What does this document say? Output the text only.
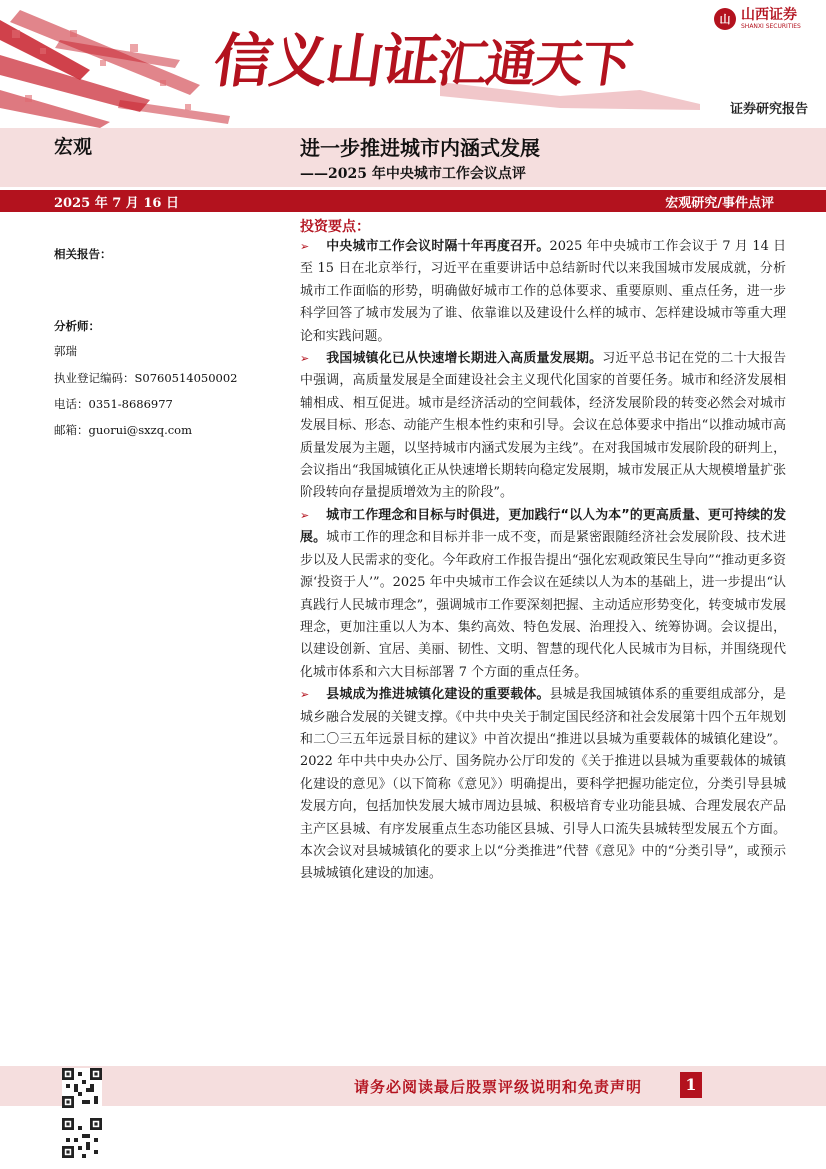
信义山证汇通天下
山 山西证券
SHANXI SECURITIES
证券研究报告
宏观	进一步推进城市内涵式发展
——2025 年中央城市工作会议点评
2025 年 7 月 16 日	宏观研究/事件点评
相关报告：
分析师：
郭瑞
执业登记编码：S0760514050002
电话：0351-8686977
邮箱：guorui@sxzq.com
投资要点：

➢ 中央城市工作会议时隔十年再度召开。2025 年中央城市工作会议于 7 月 14 日至 15 日在北京举行，习近平在重要讲话中总结新时代以来我国城市发展成就，分析城市工作面临的形势，明确做好城市工作的总体要求、重要原则、重点任务，进一步科学回答了城市发展为了谁、依靠谁以及建设什么样的城市、怎样建设城市等重大理论和实践问题。

➢ 我国城镇化已从快速增长期进入高质量发展期。习近平总书记在党的二十大报告中强调，高质量发展是全面建设社会主义现代化国家的首要任务。城市和经济发展相辅相成、相互促进。城市是经济活动的空间载体，经济发展阶段的转变必然会对城市发展目标、形态、动能产生根本性约束和引导。会议在总体要求中指出“以推动城市高质量发展为主题，以坚持城市内涵式发展为主线”。在对我国城市发展阶段的研判上，会议指出“我国城镇化正从快速增长期转向稳定发展期，城市发展正从大规模增量扩张阶段转向存量提质增效为主的阶段”。

➢ 城市工作理念和目标与时俱进，更加践行“以人为本”的更高质量、更可持续的发展。城市工作的理念和目标并非一成不变，而是紧密跟随经济社会发展阶段、技术进步以及人民需求的变化。今年政府工作报告提出“强化宏观政策民生导向”“推动更多资源‘投资于人’”。2025 年中央城市工作会议在延续以人为本的基础上，进一步提出“认真践行人民城市理念”，强调城市工作要深刻把握、主动适应形势变化，转变城市发展理念，更加注重以人为本、集约高效、特色发展、治理投入、统筹协调。会议提出，以建设创新、宜居、美丽、韧性、文明、智慧的现代化人民城市为目标，并围绕现代化城市体系和六大目标部署 7 个方面的重点任务。

➢ 县城成为推进城镇化建设的重要载体。县城是我国城镇体系的重要组成部分，是城乡融合发展的关键支撑。《中共中央关于制定国民经济和社会发展第十四个五年规划和二〇三五年远景目标的建议》中首次提出“推进以县城为重要载体的城镇化建设”。2022 年中共中央办公厅、国务院办公厅印发的《关于推进以县城为重要载体的城镇化建设的意见》（以下简称《意见》）明确提出，要科学把握功能定位，分类引导县城发展方向，包括加快发展大城市周边县城、积极培育专业功能县城、合理发展农产品主产区县城、有序发展重点生态功能区县城、引导人口流失县城转型发展五个方面。本次会议对县城城镇化的要求上以“分类推进”代替《意见》中的“分类引导”，或预示县城城镇化建设的加速。

请务必阅读最后股票评级说明和免责声明	1
